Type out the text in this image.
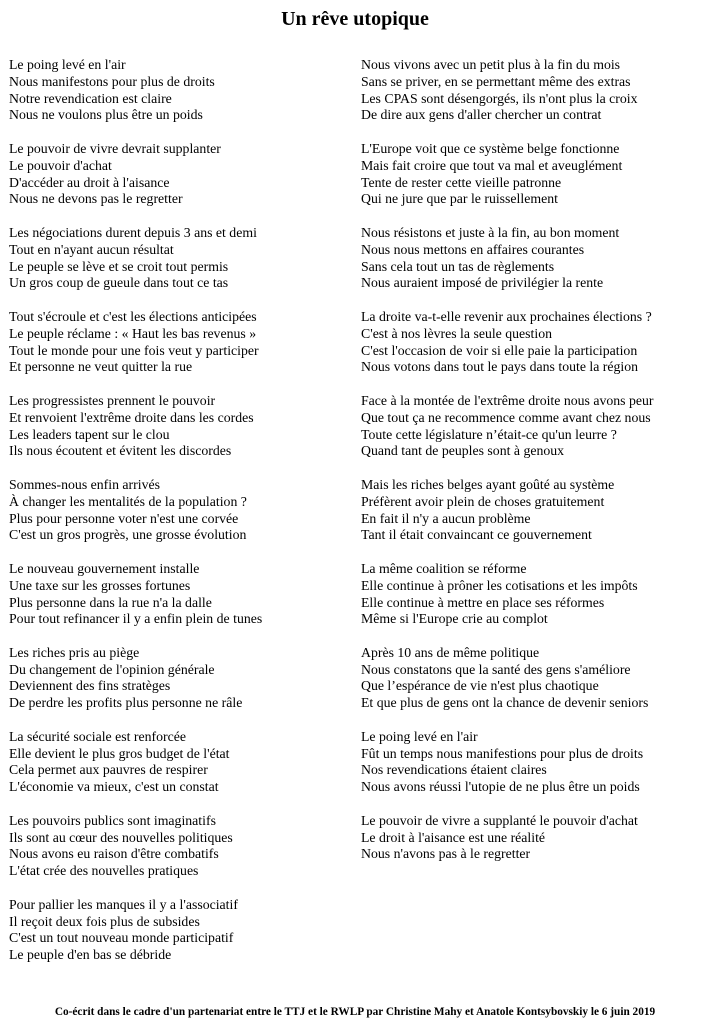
Un rêve utopique
Le poing levé en l'air
Nous manifestons pour plus de droits
Notre revendication est claire
Nous ne voulons plus être un poids
Le pouvoir de vivre devrait supplanter
Le pouvoir d'achat
D'accéder au droit à l'aisance
Nous ne devons pas le regretter
Les négociations durent depuis 3 ans et demi
Tout en n'ayant aucun résultat
Le peuple se lève et se croit tout permis
Un gros coup de gueule dans tout ce tas
Tout s'écroule et c'est les élections anticipées
Le peuple réclame : « Haut les bas revenus »
Tout le monde pour une fois veut y participer
Et personne ne veut quitter la rue
Les progressistes prennent le pouvoir
Et renvoient l'extrême droite dans les cordes
Les leaders tapent sur le clou
Ils nous écoutent et évitent les discordes
Sommes-nous enfin arrivés
À changer les mentalités de la population ?
Plus pour personne voter n'est une corvée
C'est un gros progrès, une grosse évolution
Le nouveau gouvernement installe
Une taxe sur les grosses fortunes
Plus personne dans la rue n'a la dalle
Pour tout refinancer il y a enfin plein de tunes
Les riches pris au piège
Du changement de l'opinion générale
Deviennent des fins stratèges
De perdre les profits plus personne ne râle
La sécurité sociale est renforcée
Elle devient le plus gros budget de l'état
Cela permet aux pauvres de respirer
L'économie va mieux, c'est un constat
Les pouvoirs publics sont imaginatifs
Ils sont au cœur des nouvelles politiques
Nous avons eu raison d'être combatifs
L'état crée des nouvelles pratiques
Pour pallier les manques il y a l'associatif
Il reçoit deux fois plus de subsides
C'est un tout nouveau monde participatif
Le peuple d'en bas se débride
Nous vivons avec un petit plus à la fin du mois
Sans se priver, en se permettant même des extras
Les CPAS sont désengorgés, ils n'ont plus la croix
De dire aux gens d'aller chercher un contrat
L'Europe voit que ce système belge fonctionne
Mais fait croire que tout va mal et aveuglément
Tente de rester cette vieille patronne
Qui ne jure que par le ruissellement
Nous résistons et juste à la fin, au bon moment
Nous nous mettons en affaires courantes
Sans cela tout un tas de règlements
Nous auraient imposé de privilégier la rente
La droite va-t-elle revenir aux prochaines élections ?
C'est à nos lèvres la seule question
C'est l'occasion de voir si elle paie la participation
Nous votons dans tout le pays dans toute la région
Face à la montée de l'extrême droite nous avons peur
Que tout ça ne recommence comme avant chez nous
Toute cette législature n’était-ce qu'un leurre ?
Quand tant de peuples sont à genoux
Mais les riches belges ayant goûté au système
Préfèrent avoir plein de choses gratuitement
En fait il n'y a aucun problème
Tant il était convaincant ce gouvernement
La même coalition se réforme
Elle continue à prôner les cotisations et les impôts
Elle continue à mettre en place ses réformes
Même si l'Europe crie au complot
Après 10 ans de même politique
Nous constatons que la santé des gens s'améliore
Que l’espérance de vie n'est plus chaotique
Et que plus de gens ont la chance de devenir seniors
Le poing levé en l'air
Fût un temps nous manifestions pour plus de droits
Nos revendications étaient claires
Nous avons réussi l'utopie de ne plus être un poids
Le pouvoir de vivre a supplanté le pouvoir d'achat
Le droit à l'aisance est une réalité
Nous n'avons pas à le regretter
Co-écrit dans le cadre d'un partenariat entre le TTJ et le RWLP par Christine Mahy et Anatole Kontsybovskiy le 6 juin 2019
